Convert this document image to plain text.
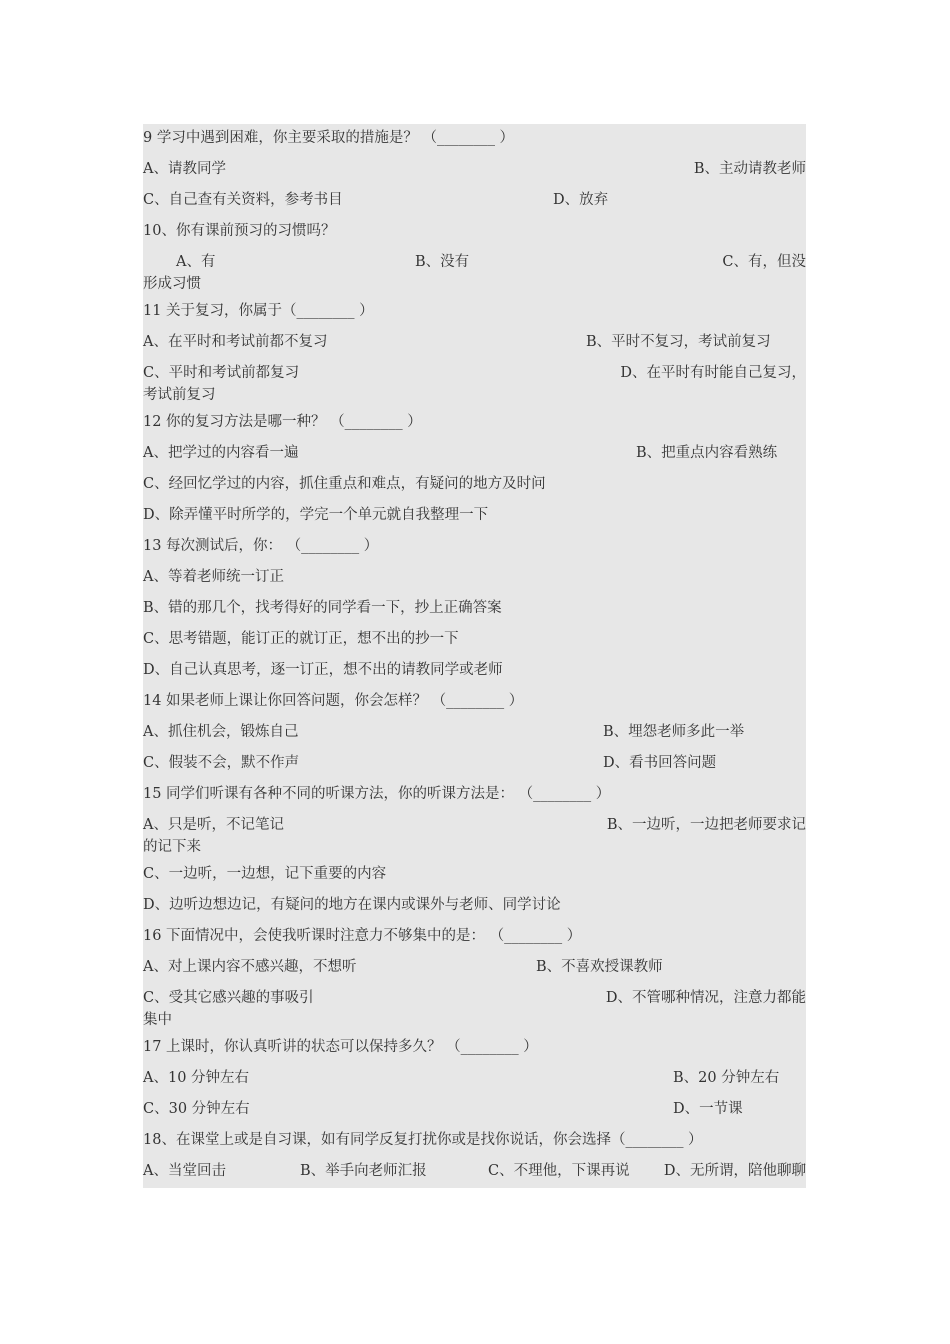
9 学习中遇到困难，你主要采取的措施是？ （________ ）
A、请教同学	B、主动请教老师
C、自己查有关资料，参考书目	D、放弃
10、你有课前预习的习惯吗？
A、有	B、没有	C、有，但没
形成习惯
11 关于复习，你属于（________ ）
A、在平时和考试前都不复习	B、平时不复习，考试前复习
C、平时和考试前都复习	D、在平时有时能自己复习，
考试前复习
12 你的复习方法是哪一种？ （________ ）
A、把学过的内容看一遍	B、把重点内容看熟练
C、经回忆学过的内容，抓住重点和难点，有疑问的地方及时问
D、除弄懂平时所学的，学完一个单元就自我整理一下
13 每次测试后，你： （________ ）
A、等着老师统一订正
B、错的那几个，找考得好的同学看一下，抄上正确答案
C、思考错题，能订正的就订正，想不出的抄一下
D、自己认真思考，逐一订正，想不出的请教同学或老师
14 如果老师上课让你回答问题，你会怎样？ （________ ）
A、抓住机会，锻炼自己	B、埋怨老师多此一举
C、假装不会，默不作声	D、看书回答问题
15 同学们听课有各种不同的听课方法，你的听课方法是： （________ ）
A、只是听，不记笔记	B、一边听，一边把老师要求记
的记下来
C、一边听，一边想，记下重要的内容
D、边听边想边记，有疑问的地方在课内或课外与老师、同学讨论
16 下面情况中，会使我听课时注意力不够集中的是： （________ ）
A、对上课内容不感兴趣，不想听	B、不喜欢授课教师
C、受其它感兴趣的事吸引	D、不管哪种情况，注意力都能
集中
17 上课时，你认真听讲的状态可以保持多久？ （________ ）
A、10 分钟左右	B、20 分钟左右
C、30 分钟左右	D、一节课
18、在课堂上或是自习课，如有同学反复打扰你或是找你说话，你会选择（________ ）
A、当堂回击	B、举手向老师汇报	C、不理他，下课再说 D、无所谓，陪他聊聊
